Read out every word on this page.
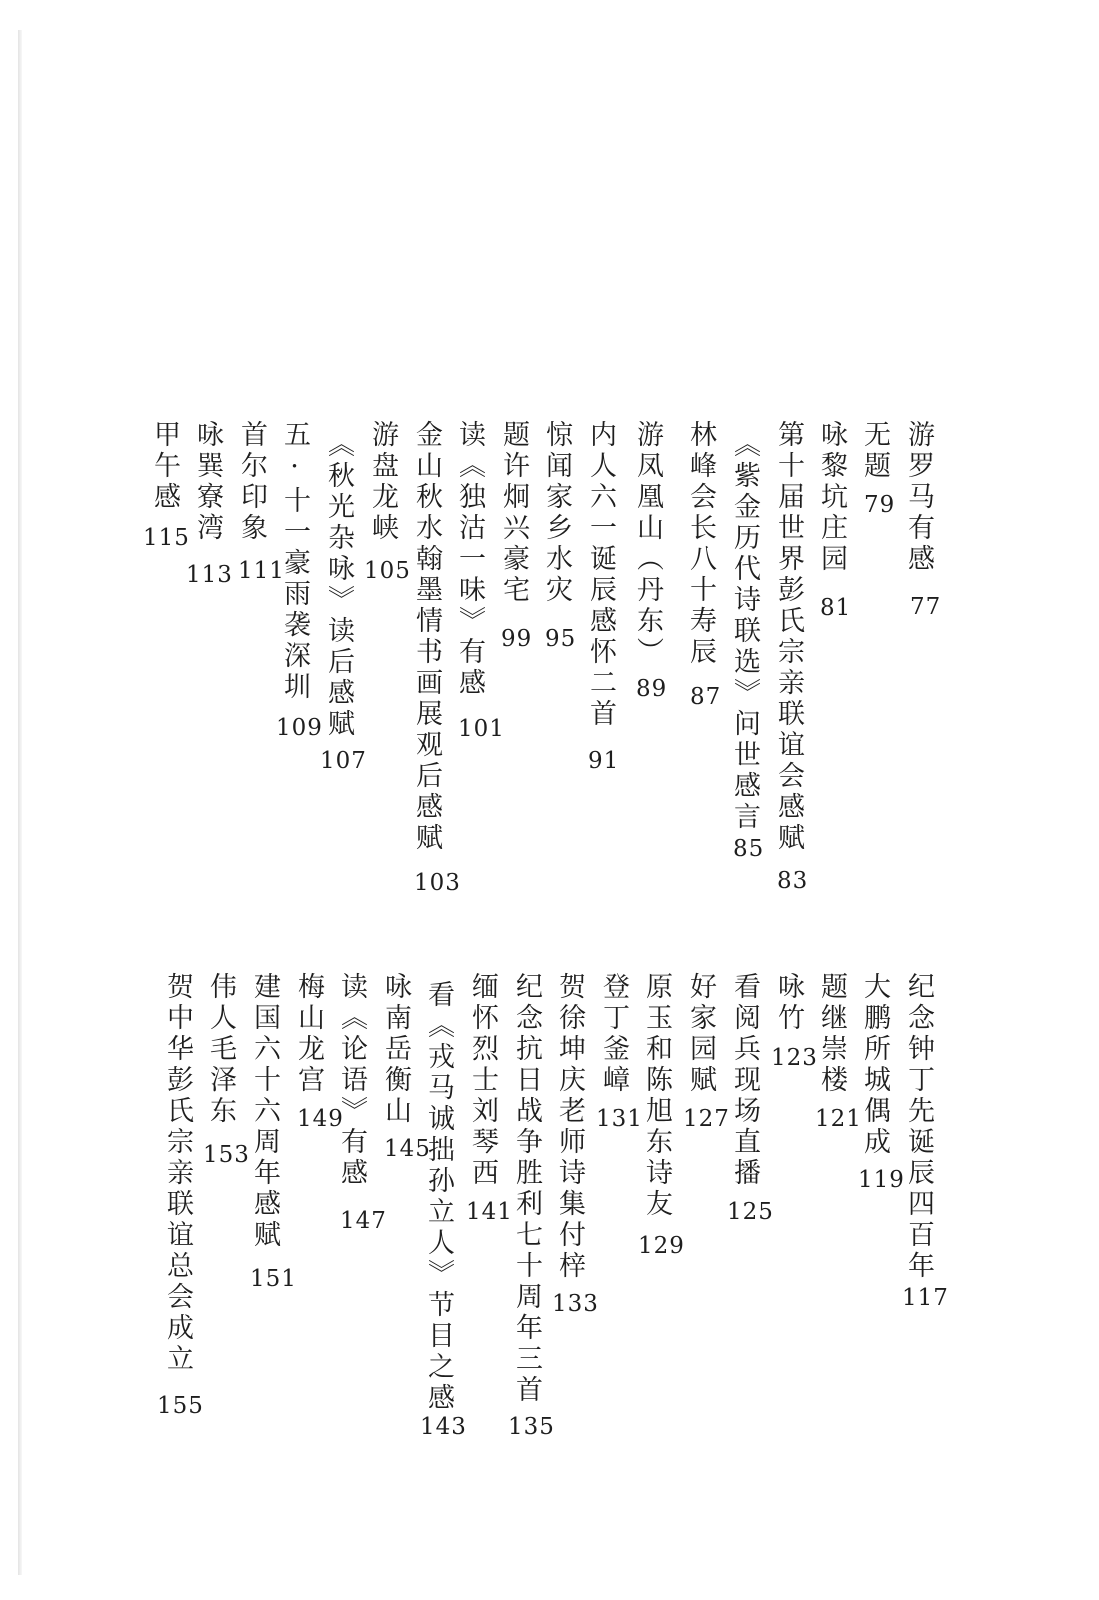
游罗马有感
77
无题
79
咏黎坑庄园
81
第十届世界彭氏宗亲联谊会感赋
83
《紫金历代诗联选》问世感言
85
林峰会长八十寿辰
87
游凤凰山（丹东）
89
内人六一诞辰感怀二首
91
惊闻家乡水灾
95
题许炯兴豪宅
99
读《独沽一味》有感
101
金山秋水翰墨情书画展观后感赋
103
游盘龙峡
105
《秋光杂咏》读后感赋
107
五·十一豪雨袭深圳
109
首尔印象
111
咏巽寮湾
113
甲午感
115
纪念钟丁先诞辰四百年
117
大鹏所城偶成
119
题继崇楼
121
咏竹
123
看阅兵现场直播
125
好家园赋
127
原玉和陈旭东诗友
129
登丁釜嶂
131
贺徐坤庆老师诗集付梓
133
纪念抗日战争胜利七十周年三首
135
缅怀烈士刘琴西
141
看《戎马诚拙孙立人》节目之感
143
咏南岳衡山
145
读《论语》有感
147
梅山龙宫
149
建国六十六周年感赋
151
伟人毛泽东
153
贺中华彭氏宗亲联谊总会成立
155
